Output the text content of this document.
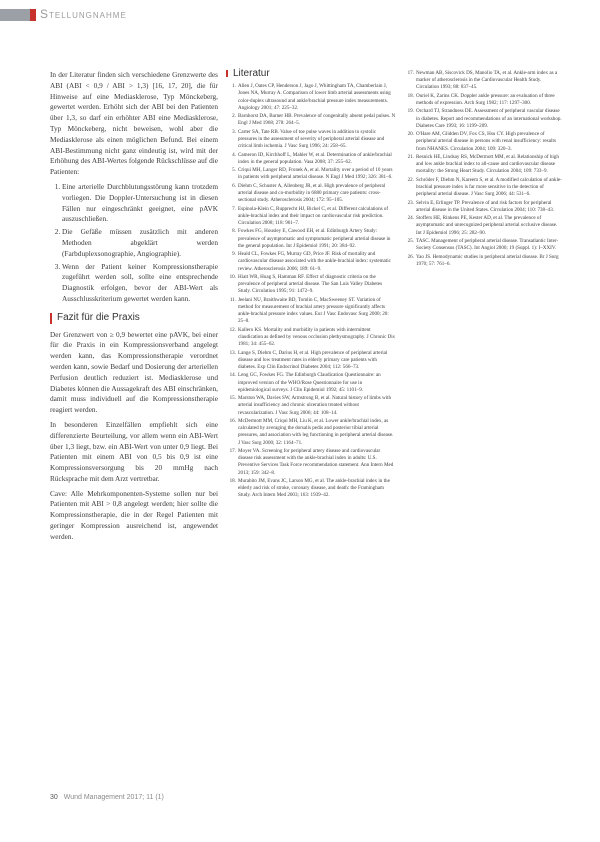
Stellungnahme

In der Literatur finden sich verschiedene Grenzwerte des ABI (ABI < 0,9 / ABI > 1,3) [16, 17, 20], die für Hinweise auf eine Mediasklerose, Typ Mönckeberg, gewertet werden. Erhöht sich der ABI bei den Patienten über 1,3, so darf ein erhöhter ABI eine Mediasklerose, Typ Mönckeberg, nicht beweisen, wohl aber die Mediasklerose als einen möglichen Befund. Bei einem ABI-Bestimmung nicht ganz eindeutig ist, wird mit der Erhöhung des ABI-Wertes folgende Rückschlüsse auf die Patienten:

1. Eine arterielle Durchblutungsstörung kann trotzdem vorliegen. Die Doppler-Untersuchung ist in diesen Fällen nur eingeschränkt geeignet, eine pAVK auszuschließen.
2. Die Gefäße müssen zusätzlich mit anderen Methoden abgeklärt werden (Farbduplexsonographie, Angiographie).
3. Wenn der Patient keiner Kompressionstherapie zugeführt werden soll, sollte eine entsprechende Diagnostik erfolgen, bevor der ABI-Wert als Ausschlusskriterium gewertet werden kann.
Fazit für die Praxis

Der Grenzwert von ≥ 0,9 bewertet eine pAVK, bei einer für die Praxis in ein Kompressionsverband angelegt werden kann, das Kompressionstherapie verordnet werden kann, sowie Bedarf und Dosierung der arteriellen Perfusion deutlich reduziert ist. Mediasklerose und Diabetes können die Aussagekraft des ABI einschränken, damit muss individuell auf die Kompressionstherapie reagiert werden.

In besonderen Einzelfällen empfiehlt sich eine differenzierte Beurteilung, vor allem wenn ein ABI-Wert über 1,3 liegt, bzw. ein ABI-Wert von unter 0,9 liegt. Bei Patienten mit einem ABI von 0,5 bis 0,9 ist eine Kompressionsversorgung bis 20 mmHg nach Rücksprache mit dem Arzt vertretbar.

Cave: Alle Mehrkomponenten-Systeme sollen nur bei Patienten mit ABI > 0,8 angelegt werden; hier sollte die Kompressionstherapie, die in der Regel Patienten mit geringer Kompression ausreichend ist, angewendet werden.

Literatur
1. Allen J, Oates CP, Henderson J, Jago J, Whittingham TA, Chamberlain J, Jones NA, Murray A. Comparison of lower limb arterial assessments using color-duplex ultrasound and ankle/brachial pressure index measurements. Angiology 2001; 47: 225–32.
2. Barnhorst DA, Barner HB. Prevalence of congenitally absent pedal pulses. N Engl J Med 1968; 278: 264–5.
3. Carter SA, Tate RB. Value of toe pulse waves in addition to systolic pressures in the assessment of severity of peripheral arterial disease and critical limb ischemia. J Vasc Surg 1996; 24: 258–65.
4. Cameron ID, Kirchhoff L, Mahler W, et al. Determination of ankle/brachial index in the general population. Vasa 2008; 37: 255–62.
5. Criqui MH, Langer RD, Fronek A, et al. Mortality over a period of 10 years in patients with peripheral arterial disease. N Engl J Med 1992; 326: 381–6.
6. Diehm C, Schuster A, Allenberg JR, et al. High prevalence of peripheral arterial disease and co-morbidity in 6880 primary care patients: cross-sectional study. Atherosclerosis 2004; 172: 95–105.
7. Espinola-Klein C, Rupprecht HJ, Bickel C, et al. Different calculations of ankle-brachial index and their impact on cardiovascular risk prediction. Circulation 2008; 118: 961–7.
8. Fowkes FG, Housley E, Cawood EH, et al. Edinburgh Artery Study: prevalence of asymptomatic and symptomatic peripheral arterial disease in the general population. Int J Epidemiol 1991; 20: 384–92.
9. Heald CL, Fowkes FG, Murray GD, Price JF. Risk of mortality and cardiovascular disease associated with the ankle-brachial index: systematic review. Atherosclerosis 2006; 189: 61–9.
10. Hiatt WR, Hoag S, Hamman RF. Effect of diagnostic criteria on the prevalence of peripheral arterial disease. The San Luis Valley Diabetes Study. Circulation 1995; 91: 1472–9.
11. Jeelani NU, Braithwaite BD, Tomlin C, MacSweeney ST. Variation of method for measurement of brachial artery pressure significantly affects ankle-brachial pressure index values. Eur J Vasc Endovasc Surg 2000; 20: 25–8.
12. Kallero KS. Mortality and morbidity in patients with intermittent claudication as defined by venous occlusion plethysmography. J Chronic Dis 1981; 34: 455–62.
13. Lange S, Diehm C, Darius H, et al. High prevalence of peripheral arterial disease and low treatment rates in elderly primary care patients with diabetes. Exp Clin Endocrinol Diabetes 2004; 112: 566–73.
14. Leng GC, Fowkes FG. The Edinburgh Claudication Questionnaire: an improved version of the WHO/Rose Questionnaire for use in epidemiological surveys. J Clin Epidemiol 1992; 45: 1101–9.
15. Marston WA, Davies SW, Armstrong B, et al. Natural history of limbs with arterial insufficiency and chronic ulceration treated without revascularization. J Vasc Surg 2006; 44: 108–14.
16. McDermott MM, Criqui MH, Liu K, et al. Lower ankle/brachial index, as calculated by averaging the dorsalis pedis and posterior tibial arterial pressures, and association with leg functioning in peripheral arterial disease. J Vasc Surg 2000; 32: 1164–71.
17. Moyer VA. Screening for peripheral artery disease and cardiovascular disease risk assessment with the ankle-brachial index in adults: U.S. Preventive Services Task Force recommendation statement. Ann Intern Med 2013; 159: 342–8.
18. Murabito JM, Evans JC, Larson MG, et al. The ankle-brachial index in the elderly and risk of stroke, coronary disease, and death: the Framingham Study. Arch Intern Med 2003; 163: 1939–42.
17. Newman AB, Siscovick DS, Manolio TA, et al. Ankle-arm index as a marker of atherosclerosis in the Cardiovascular Health Study. Circulation 1993; 88: 837–45.
18. Ouriel K, Zarins CK. Doppler ankle pressure: an evaluation of three methods of expression. Arch Surg 1982; 117: 1297–300.
19. Orchard TJ, Strandness DE. Assessment of peripheral vascular disease in diabetes. Report and recommendations of an international workshop. Diabetes Care 1993; 16: 1199–209.
20. O'Hare AM, Glidden DV, Fox CS, Hsu CY. High prevalence of peripheral arterial disease in persons with renal insufficiency: results from NHANES. Circulation 2004; 109: 320–3.
21. Resnick HE, Lindsay RS, McDermott MM, et al. Relationship of high and low ankle brachial index to all-cause and cardiovascular disease mortality: the Strong Heart Study. Circulation 2004; 109: 733–9.
22. Schröder F, Diehm N, Kareem S, et al. A modified calculation of ankle-brachial pressure index is far more sensitive in the detection of peripheral arterial disease. J Vasc Surg 2006; 44: 531–6.
23. Selvin E, Erlinger TP. Prevalence of and risk factors for peripheral arterial disease in the United States. Circulation 2004; 110: 738–43.
24. Stoffers HE, Rinkens PE, Kester AD, et al. The prevalence of asymptomatic and unrecognized peripheral arterial occlusive disease. Int J Epidemiol 1996; 25: 282–90.
25. TASC. Management of peripheral arterial disease. Transatlantic Inter-Society Consensus (TASC). Int Angiol 2000; 19 (Suppl. 1): I–XXIV.
26. Yao JS. Hemodynamic studies in peripheral arterial disease. Br J Surg 1970; 57: 761–6.
30 Wund Management 2017; 11 (1)
